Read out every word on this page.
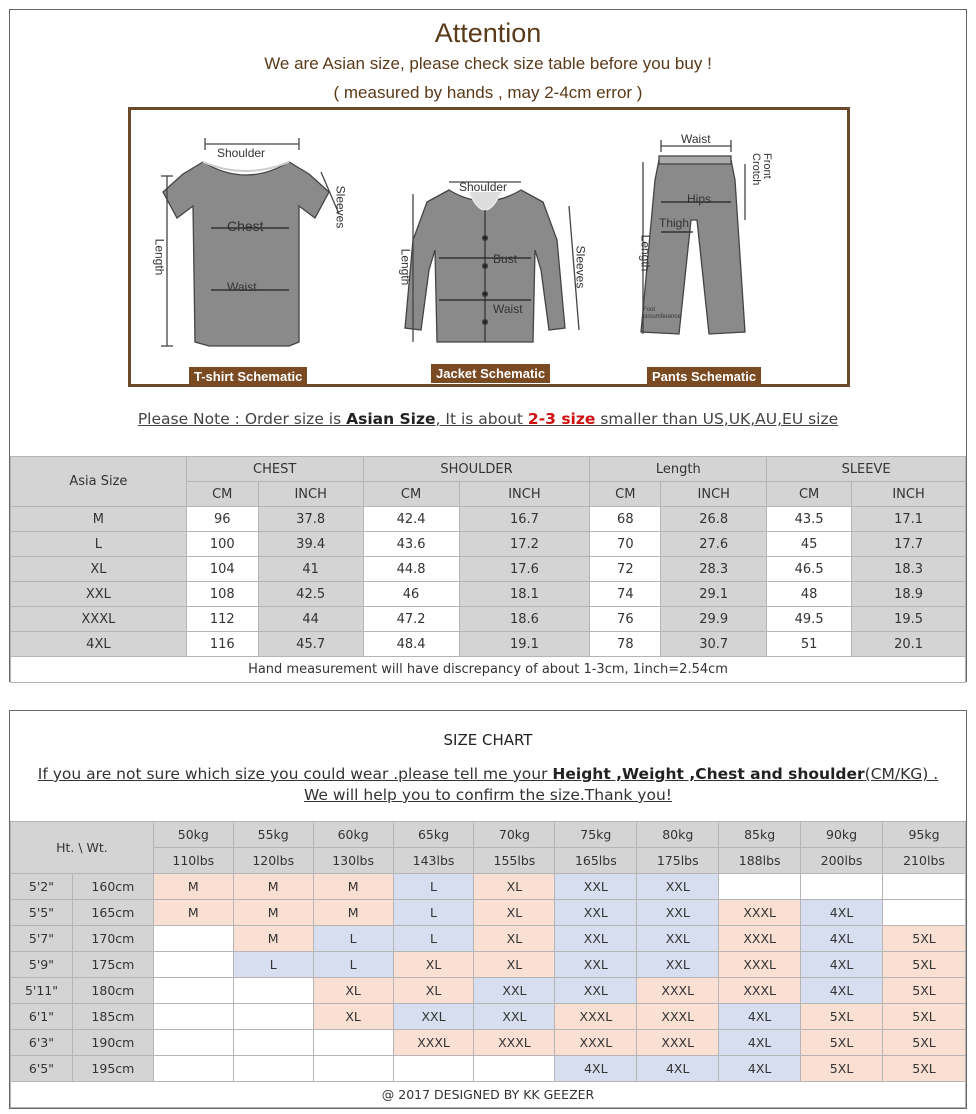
Attention
We are Asian size, please check size table before you buy !
( measured by hands , may 2-4cm error )
Shoulder
Chest
Waist
Length
Sleeves
T-shirt Schematic
Shoulder
Bust
Waist
Length	Sleeves
Jacket Schematic
Waist
Hips
Thigh
Length
Front Crotch
Foot circumference
Pants Schematic
Please Note : Order size is Asian Size, It is about 2-3 size smaller than US,UK,AU,EU size
Asia Size	CHEST		SHOULDER		Length		SLEEVE	
	CM	INCH	CM	INCH	CM	INCH	CM	INCH
M	96	37.8	42.4	16.7	68	26.8	43.5	17.1
L	100	39.4	43.6	17.2	70	27.6	45	17.7
XL	104	41	44.8	17.6	72	28.3	46.5	18.3
XXL	108	42.5	46	18.1	74	29.1	48	18.9
XXXL	112	44	47.2	18.6	76	29.9	49.5	19.5
4XL	116	45.7	48.4	19.1	78	30.7	51	20.1
Hand measurement will have discrepancy of about 1-3cm, 1inch=2.54cm								
SIZE CHART
If you are not sure which size you could wear .please tell me your Height ,Weight ,Chest and shoulder(CM/KG) .
We will help you to confirm the size.Thank you!
Ht. \ Wt.		50kg	55kg	60kg	65kg	70kg	75kg	80kg	85kg	90kg	95kg
		110lbs	120lbs	130lbs	143lbs	155lbs	165lbs	175lbs	188lbs	200lbs	210lbs
5'2"	160cm	M	M	M	L	XL	XXL	XXL			
5'5"	165cm	M	M	M	L	XL	XXL	XXL	XXXL	4XL	
5'7"	170cm		M	L	L	XL	XXL	XXL	XXXL	4XL	5XL
5'9"	175cm		L	L	XL	XL	XXL	XXL	XXXL	4XL	5XL
5'11"	180cm			XL	XL	XXL	XXL	XXXL	XXXL	4XL	5XL
6'1"	185cm			XL	XXL	XXL	XXXL	XXXL	4XL	5XL	5XL
6'3"	190cm				XXXL	XXXL	XXXL	XXXL	4XL	5XL	5XL
6'5"	195cm						4XL	4XL	4XL	5XL	5XL
@ 2017 DESIGNED BY KK GEEZER											
